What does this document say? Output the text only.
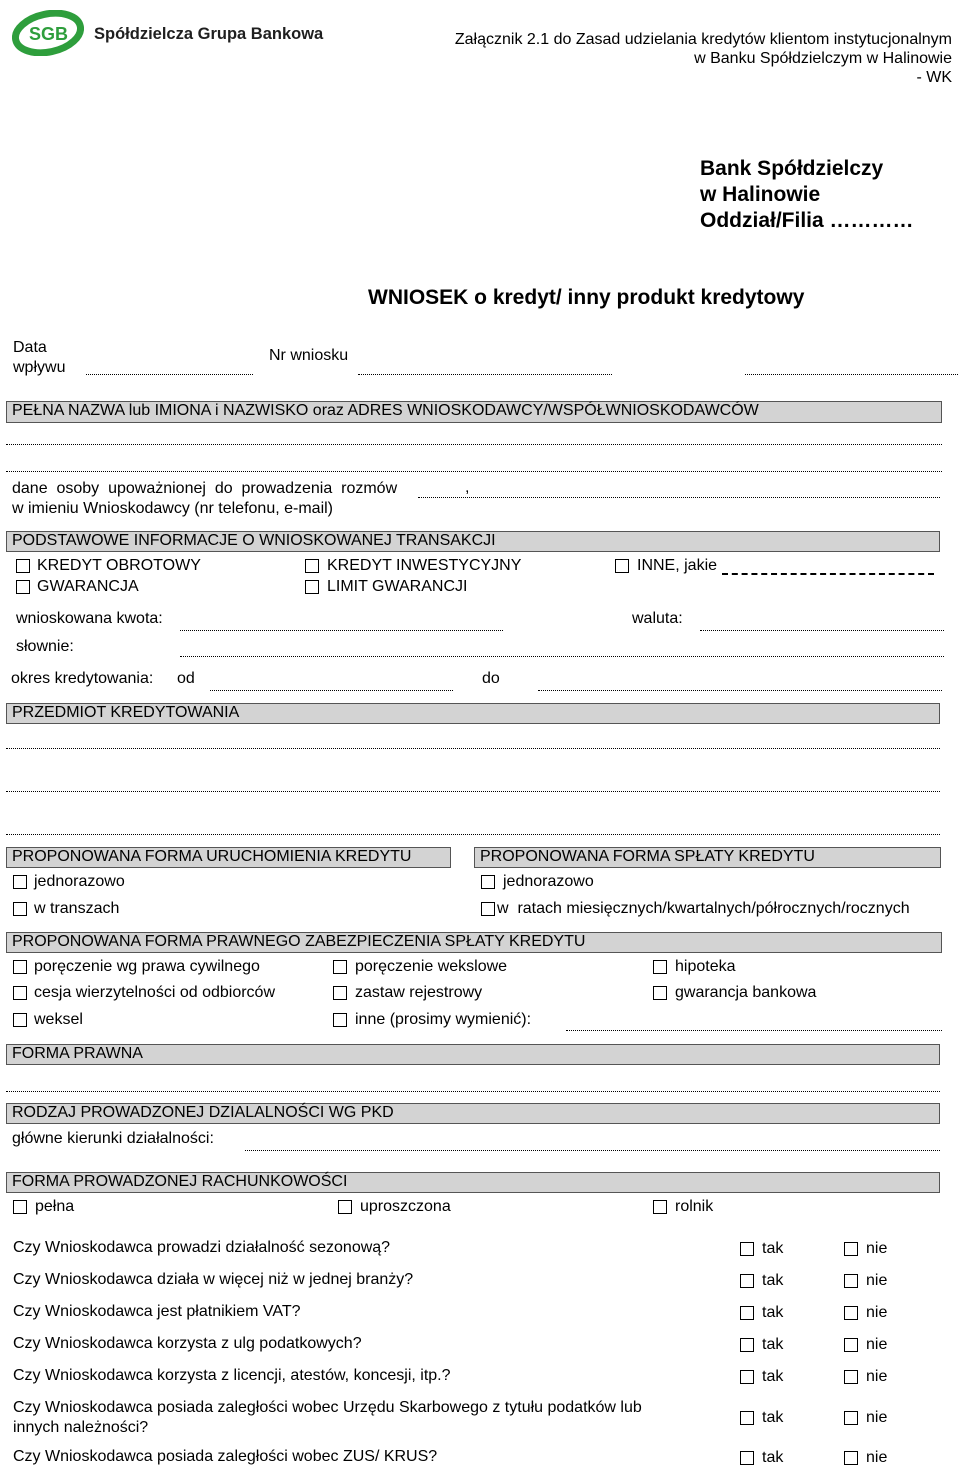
SGB Spółdzielcza Grupa Bankowa	Załącznik 2.1 do Zasad udzielania kredytów klientom instytucjonalnym
w Banku Spółdzielczym w Halinowie
- WK
Bank Spółdzielczy
w Halinowie
Oddział/Filia …………
WNIOSEK o kredyt/ inny produkt kredytowy
Data
wpływu
Nr wniosku
PEŁNA NAZWA lub IMIONA i NAZWISKO oraz ADRES WNIOSKODAWCY/WSPÓŁWNIOSKODAWCÓW
dane  osoby  upoważnionej  do  prowadzenia  rozmów
w imieniu Wnioskodawcy (nr telefonu, e-mail)
,
PODSTAWOWE INFORMACJE O WNIOSKOWANEJ TRANSAKCJI
KREDYT OBROTOWY	KREDYT INWESTYCYJNY	INNE, jakie
GWARANCJA	LIMIT GWARANCJI
wnioskowana kwota:	waluta:
słownie:
okres kredytowania: od	do
PRZEDMIOT KREDYTOWANIA
PROPONOWANA FORMA URUCHOMIENIA KREDYTU	PROPONOWANA FORMA SPŁATY KREDYTU
jednorazowo	jednorazowo
w transzach	w  ratach miesięcznych/kwartalnych/półrocznych/rocznych
PROPONOWANA FORMA PRAWNEGO ZABEZPIECZENIA SPŁATY KREDYTU
poręczenie wg prawa cywilnego	poręczenie wekslowe	hipoteka
cesja wierzytelności od odbiorców	zastaw rejestrowy	gwarancja bankowa
weksel	inne (prosimy wymienić):
FORMA PRAWNA
RODZAJ PROWADZONEJ DZIALALNOŚCI WG PKD
główne kierunki działalności:
FORMA PROWADZONEJ RACHUNKOWOŚCI
pełna	uproszczona	rolnik
Czy Wnioskodawca prowadzi działalność sezonową?	tak	nie
Czy Wnioskodawca działa w więcej niż w jednej branży?	tak	nie
Czy Wnioskodawca jest płatnikiem VAT?	tak	nie
Czy Wnioskodawca korzysta z ulg podatkowych?	tak	nie
Czy Wnioskodawca korzysta z licencji, atestów, koncesji, itp.?	tak	nie
Czy Wnioskodawca posiada zaległości wobec Urzędu Skarbowego z tytułu podatków lub
innych należności?
tak	nie
Czy Wnioskodawca posiada zaległości wobec ZUS/ KRUS?	tak	nie
